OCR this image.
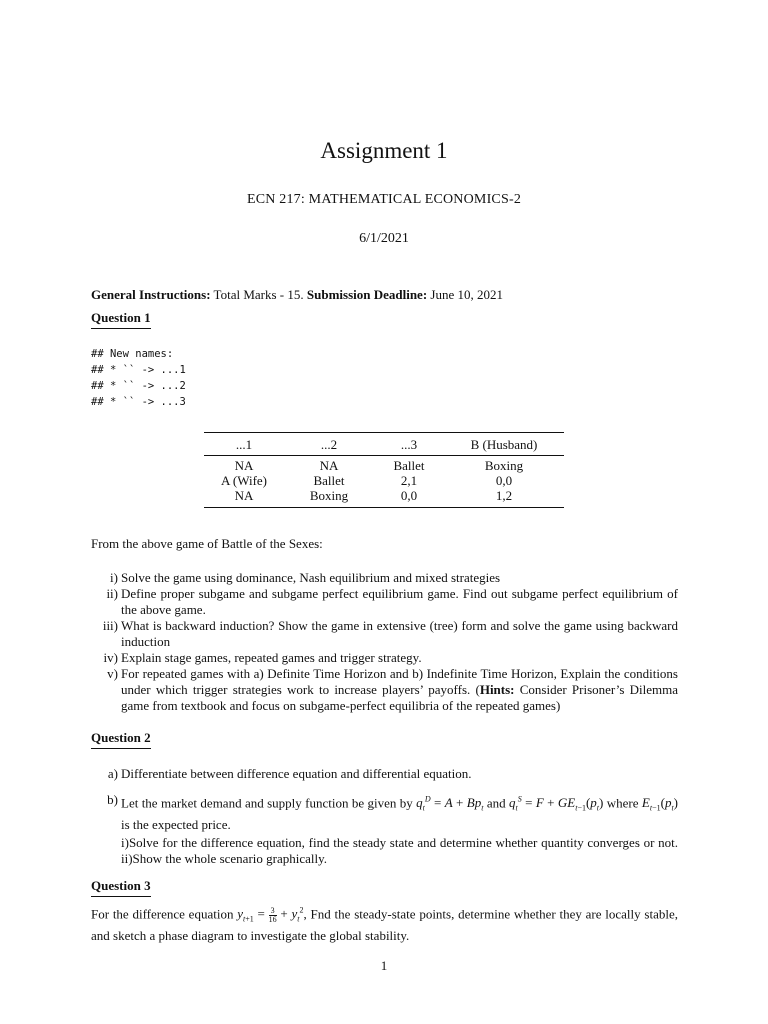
Assignment 1
ECN 217: MATHEMATICAL ECONOMICS-2
6/1/2021
General Instructions: Total Marks - 15. Submission Deadline: June 10, 2021
Question 1
## New names:
## * `` -> ...1
## * `` -> ...2
## * `` -> ...3
...1	...2	...3	B (Husband)
NA	NA	Ballet	Boxing
A (Wife)	Ballet	2,1	0,0
NA	Boxing	0,0	1,2
From the above game of Battle of the Sexes:
i) Solve the game using dominance, Nash equilibrium and mixed strategies
ii) Define proper subgame and subgame perfect equilibrium game. Find out subgame perfect equilibrium of the above game.
iii) What is backward induction? Show the game in extensive (tree) form and solve the game using backward induction
iv) Explain stage games, repeated games and trigger strategy.
v) For repeated games with a) Definite Time Horizon and b) Indefinite Time Horizon, Explain the conditions under which trigger strategies work to increase players’ payoffs. (Hints: Consider Prisoner’s Dilemma game from textbook and focus on subgame-perfect equilibria of the repeated games)
Question 2
a) Differentiate between difference equation and differential equation.
b) Let the market demand and supply function be given by $q_t^D = A + Bp_t$ and $q_t^S = F + GE_{t-1}(p_t)$ where $E_{t-1}(p_t)$ is the expected price.
i)Solve for the difference equation, find the steady state and determine whether quantity converges or not. ii)Show the whole scenario graphically.
Question 3
For the difference equation $y_{t+1} = \frac{3}{16} + y_t^2$, Fnd the steady-state points, determine whether they are locally stable, and sketch a phase diagram to investigate the global stability.
1
